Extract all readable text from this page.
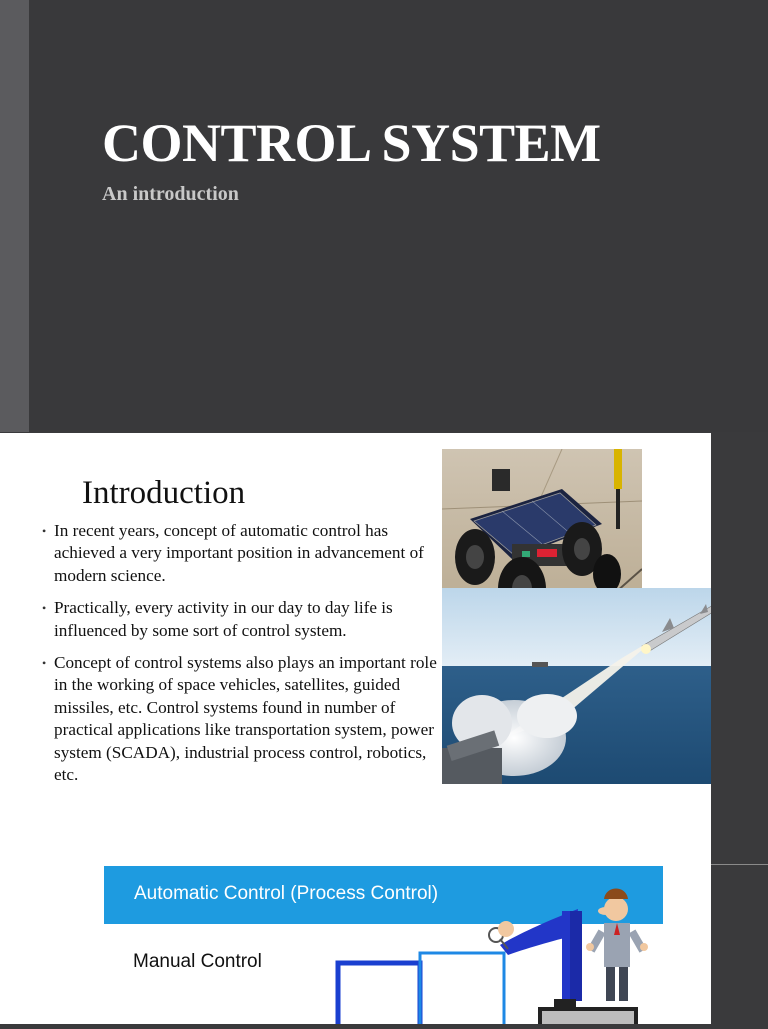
CONTROL SYSTEM
An introduction
Introduction
• In recent years, concept of automatic control has achieved a very important position in advancement of modern science.
• Practically, every activity in our day to day life is influenced by some sort of control system.
• Concept of control systems also plays an important role in the working of space vehicles, satellites, guided missiles, etc. Control systems found in number of practical applications like transportation system, power system (SCADA), industrial process control, robotics, etc.
Automatic Control (Process Control)
Manual Control
